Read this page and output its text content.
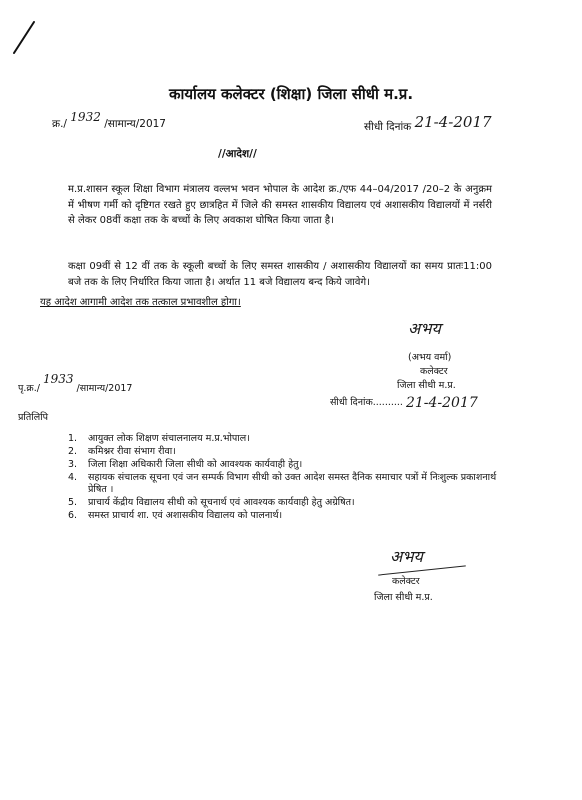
कार्यालय कलेक्टर (शिक्षा) जिला सीधी म.प्र.
क्र./ 1932 /सामान्य/2017	सीधी दिनांक 21-4-2017
//आदेश//
म.प्र.शासन स्कूल शिक्षा विभाग मंत्रालय वल्लभ भवन भोपाल के आदेश क्र./एफ 44–04/2017 /20–2 के अनुक्रम में भीषण गर्मी को दृष्टिगत रखते हुए छात्रहित में जिले की समस्त शासकीय विद्यालय एवं अशासकीय विद्यालयों में नर्सरी से लेकर 08वीं कक्षा तक के बच्चों के लिए अवकाश घोषित किया जाता है।
कक्षा 09वीं से 12 वीं तक के स्कूली बच्चों के लिए समस्त शासकीय / अशासकीय विद्यालयों का समय प्रातः11:00 बजे तक के लिए निर्धारित किया जाता है। अर्थात 11 बजे विद्यालय बन्द किये जावेगे।
यह आदेश आगामी आदेश तक तत्काल प्रभावशील होगा।
अभय
(अभय वर्मा)
कलेक्टर
जिला सीधी म.प्र.
पृ.क्र./ 1933 /सामान्य/2017
सीधी दिनांक.......... 21-4-2017
प्रतिलिपि
1. आयुक्त लोक शिक्षण संचालनालय म.प्र.भोपाल।
2. कमिश्नर रीवा संभाग रीवा।
3. जिला शिक्षा अधिकारी जिला सीधी को आवश्यक कार्यवाही हेतु।
4. सहायक संचालक सूचना एवं जन सम्पर्क विभाग सीधी को उक्त आदेश समस्त दैनिक समाचार पत्रों में निःशुल्क प्रकाशनार्थ प्रेषित ।
5. प्राचार्य केंद्रीय विद्यालय सीधी को सूचनार्थ एवं आवश्यक कार्यवाही हेतु अग्रेषित।
6. समस्त प्राचार्य शा. एवं अशासकीय विद्यालय को पालनार्थ।
अभय
कलेक्टर
जिला सीधी म.प्र.
